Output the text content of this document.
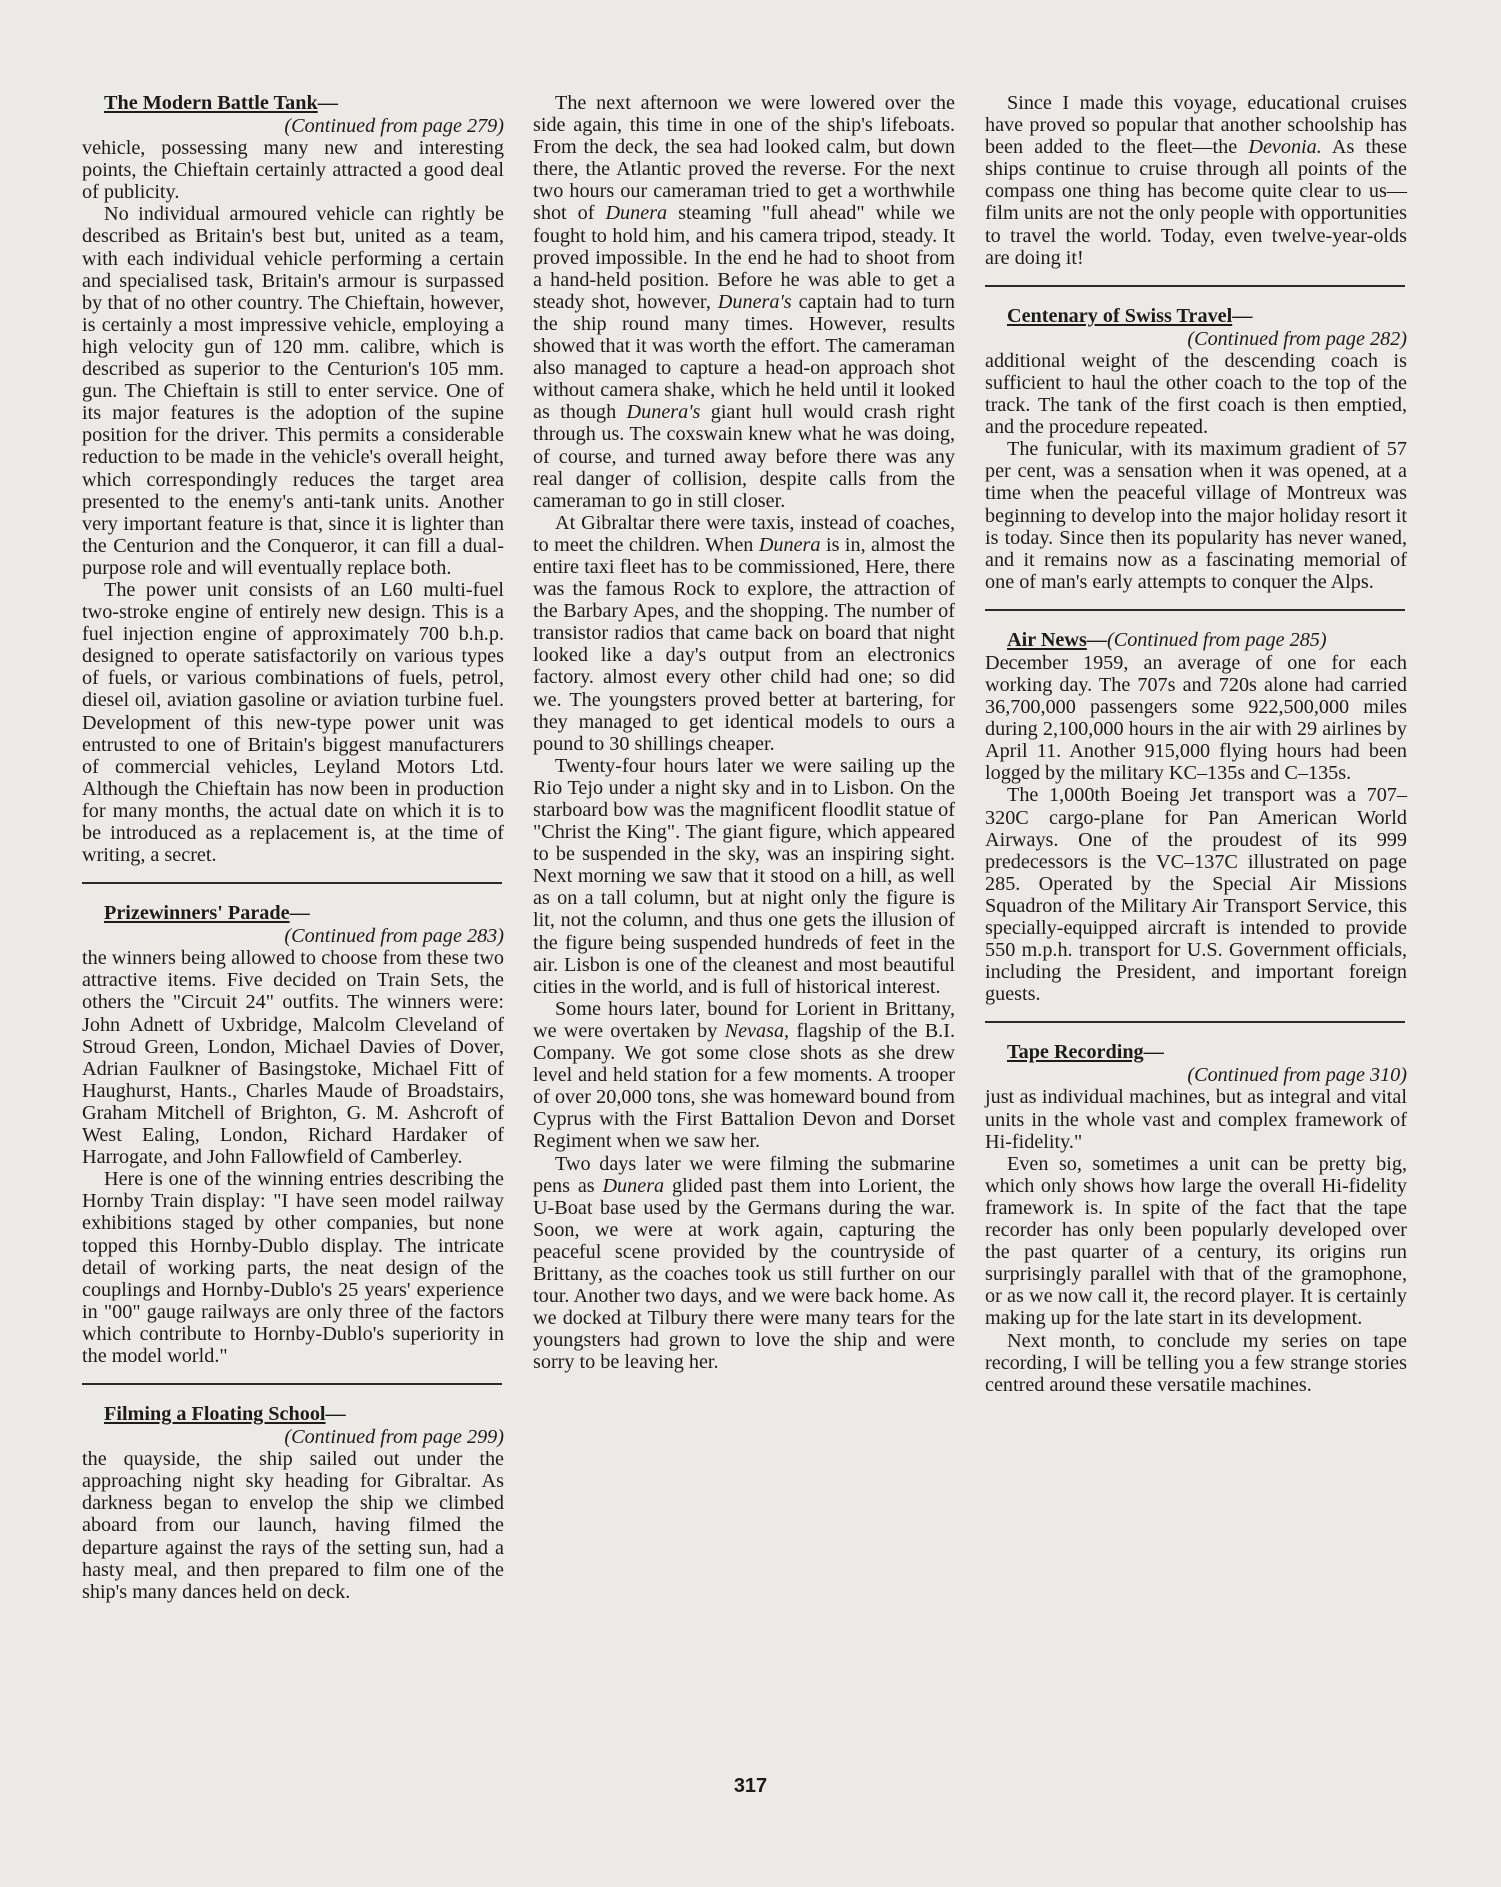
The Modern Battle Tank—

(Continued from page 279)

vehicle, possessing many new and interesting points, the Chieftain certainly attracted a good deal of publicity.

No individual armoured vehicle can rightly be described as Britain's best but, united as a team, with each individual vehicle performing a certain and specialised task, Britain's armour is surpassed by that of no other country. The Chieftain, however, is certainly a most impressive vehicle, employing a high velocity gun of 120 mm. calibre, which is described as superior to the Centurion's 105 mm. gun. The Chieftain is still to enter service. One of its major features is the adoption of the supine position for the driver. This permits a considerable reduction to be made in the vehicle's overall height, which correspondingly reduces the target area presented to the enemy's anti-tank units. Another very important feature is that, since it is lighter than the Centurion and the Conqueror, it can fill a dual-purpose role and will eventually replace both.

The power unit consists of an L60 multi-fuel two-stroke engine of entirely new design. This is a fuel injection engine of approximately 700 b.h.p. designed to operate satisfactorily on various types of fuels, or various combinations of fuels, petrol, diesel oil, aviation gasoline or aviation turbine fuel. Development of this new-type power unit was entrusted to one of Britain's biggest manufacturers of commercial vehicles, Leyland Motors Ltd. Although the Chieftain has now been in production for many months, the actual date on which it is to be introduced as a replacement is, at the time of writing, a secret.

Prizewinners' Parade—

(Continued from page 283)

the winners being allowed to choose from these two attractive items. Five decided on Train Sets, the others the "Circuit 24" outfits. The winners were: John Adnett of Uxbridge, Malcolm Cleveland of Stroud Green, London, Michael Davies of Dover, Adrian Faulkner of Basingstoke, Michael Fitt of Haughurst, Hants., Charles Maude of Broadstairs, Graham Mitchell of Brighton, G. M. Ashcroft of West Ealing, London, Richard Hardaker of Harrogate, and John Fallowfield of Camberley.

Here is one of the winning entries describing the Hornby Train display: "I have seen model railway exhibitions staged by other companies, but none topped this Hornby-Dublo display. The intricate detail of working parts, the neat design of the couplings and Hornby-Dublo's 25 years' experience in "00" gauge railways are only three of the factors which contribute to Hornby-Dublo's superiority in the model world."

Filming a Floating School—

(Continued from page 299)

the quayside, the ship sailed out under the approaching night sky heading for Gibraltar. As darkness began to envelop the ship we climbed aboard from our launch, having filmed the departure against the rays of the setting sun, had a hasty meal, and then prepared to film one of the ship's many dances held on deck.

The next afternoon we were lowered over the side again, this time in one of the ship's lifeboats. From the deck, the sea had looked calm, but down there, the Atlantic proved the reverse. For the next two hours our cameraman tried to get a worthwhile shot of Dunera steaming "full ahead" while we fought to hold him, and his camera tripod, steady. It proved impossible. In the end he had to shoot from a hand-held position. Before he was able to get a steady shot, however, Dunera's captain had to turn the ship round many times. However, results showed that it was worth the effort. The cameraman also managed to capture a head-on approach shot without camera shake, which he held until it looked as though Dunera's giant hull would crash right through us. The coxswain knew what he was doing, of course, and turned away before there was any real danger of collision, despite calls from the cameraman to go in still closer.

At Gibraltar there were taxis, instead of coaches, to meet the children. When Dunera is in, almost the entire taxi fleet has to be commissioned, Here, there was the famous Rock to explore, the attraction of the Barbary Apes, and the shopping. The number of transistor radios that came back on board that night looked like a day's output from an electronics factory. almost every other child had one; so did we. The youngsters proved better at bartering, for they managed to get identical models to ours a pound to 30 shillings cheaper.

Twenty-four hours later we were sailing up the Rio Tejo under a night sky and in to Lisbon. On the starboard bow was the magnificent floodlit statue of "Christ the King". The giant figure, which appeared to be suspended in the sky, was an inspiring sight. Next morning we saw that it stood on a hill, as well as on a tall column, but at night only the figure is lit, not the column, and thus one gets the illusion of the figure being suspended hundreds of feet in the air. Lisbon is one of the cleanest and most beautiful cities in the world, and is full of historical interest.

Some hours later, bound for Lorient in Brittany, we were overtaken by Nevasa, flagship of the B.I. Company. We got some close shots as she drew level and held station for a few moments. A trooper of over 20,000 tons, she was homeward bound from Cyprus with the First Battalion Devon and Dorset Regiment when we saw her.

Two days later we were filming the submarine pens as Dunera glided past them into Lorient, the U-Boat base used by the Germans during the war. Soon, we were at work again, capturing the peaceful scene provided by the countryside of Brittany, as the coaches took us still further on our tour. Another two days, and we were back home. As we docked at Tilbury there were many tears for the youngsters had grown to love the ship and were sorry to be leaving her.

Since I made this voyage, educational cruises have proved so popular that another schoolship has been added to the fleet—the Devonia. As these ships continue to cruise through all points of the compass one thing has become quite clear to us—film units are not the only people with opportunities to travel the world. Today, even twelve-year-olds are doing it!

Centenary of Swiss Travel—

(Continued from page 282)

additional weight of the descending coach is sufficient to haul the other coach to the top of the track. The tank of the first coach is then emptied, and the procedure repeated.

The funicular, with its maximum gradient of 57 per cent, was a sensation when it was opened, at a time when the peaceful village of Montreux was beginning to develop into the major holiday resort it is today. Since then its popularity has never waned, and it remains now as a fascinating memorial of one of man's early attempts to conquer the Alps.

Air News—(Continued from page 285)

December 1959, an average of one for each working day. The 707s and 720s alone had carried 36,700,000 passengers some 922,500,000 miles during 2,100,000 hours in the air with 29 airlines by April 11. Another 915,000 flying hours had been logged by the military KC–135s and C–135s.

The 1,000th Boeing Jet transport was a 707–320C cargo-plane for Pan American World Airways. One of the proudest of its 999 predecessors is the VC–137C illustrated on page 285. Operated by the Special Air Missions Squadron of the Military Air Transport Service, this specially-equipped aircraft is intended to provide 550 m.p.h. transport for U.S. Government officials, including the President, and important foreign guests.

Tape Recording—

(Continued from page 310)

just as individual machines, but as integral and vital units in the whole vast and complex framework of Hi-fidelity."

Even so, sometimes a unit can be pretty big, which only shows how large the overall Hi-fidelity framework is. In spite of the fact that the tape recorder has only been popularly developed over the past quarter of a century, its origins run surprisingly parallel with that of the gramophone, or as we now call it, the record player. It is certainly making up for the late start in its development.

Next month, to conclude my series on tape recording, I will be telling you a few strange stories centred around these versatile machines.

317
